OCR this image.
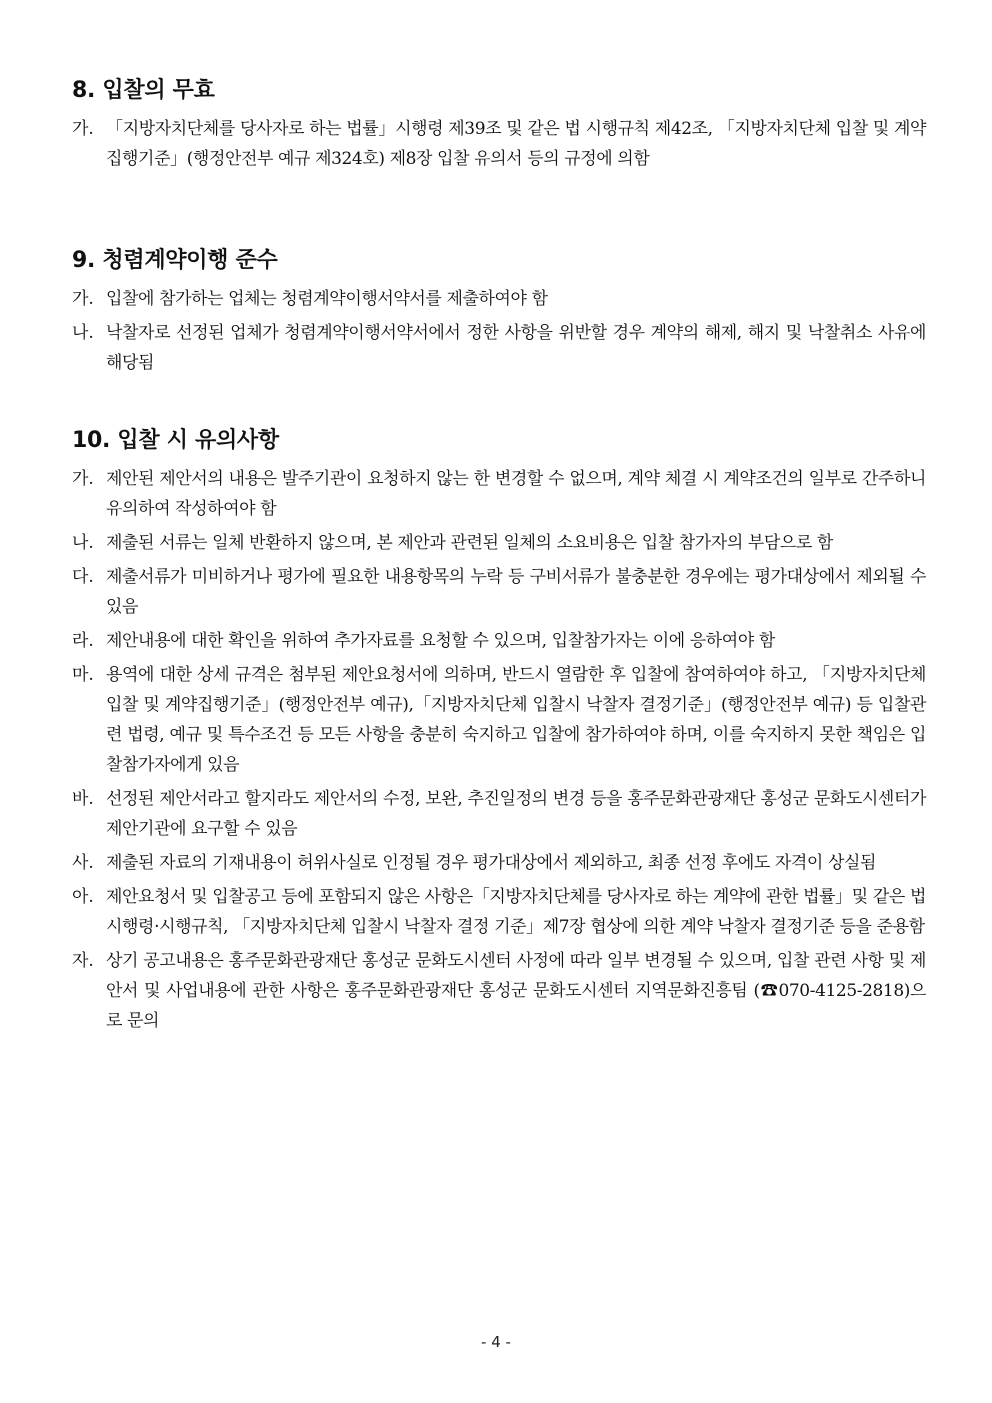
8. 입찰의 무효
가. 「지방자치단체를 당사자로 하는 법률」시행령 제39조 및 같은 법 시행규칙 제42조, 「지방자치단체 입찰 및 계약집행기준」(행정안전부 예규 제324호) 제8장 입찰 유의서 등의 규정에 의함
9. 청렴계약이행 준수
가. 입찰에 참가하는 업체는 청렴계약이행서약서를 제출하여야 함
나. 낙찰자로 선정된 업체가 청렴계약이행서약서에서 정한 사항을 위반할 경우 계약의 해제, 해지 및 낙찰취소 사유에 해당됨
10. 입찰 시 유의사항
가. 제안된 제안서의 내용은 발주기관이 요청하지 않는 한 변경할 수 없으며, 계약 체결 시 계약조건의 일부로 간주하니 유의하여 작성하여야 함
나. 제출된 서류는 일체 반환하지 않으며, 본 제안과 관련된 일체의 소요비용은 입찰 참가자의 부담으로 함
다. 제출서류가 미비하거나 평가에 필요한 내용항목의 누락 등 구비서류가 불충분한 경우에는 평가대상에서 제외될 수 있음
라. 제안내용에 대한 확인을 위하여 추가자료를 요청할 수 있으며, 입찰참가자는 이에 응하여야 함
마. 용역에 대한 상세 규격은 첨부된 제안요청서에 의하며, 반드시 열람한 후 입찰에 참여하여야 하고, 「지방자치단체 입찰 및 계약집행기준」(행정안전부 예규),「지방자치단체 입찰시 낙찰자 결정기준」(행정안전부 예규) 등 입찰관련 법령, 예규 및 특수조건 등 모든 사항을 충분히 숙지하고 입찰에 참가하여야 하며, 이를 숙지하지 못한 책임은 입찰참가자에게 있음
바. 선정된 제안서라고 할지라도 제안서의 수정, 보완, 추진일정의 변경 등을 홍주문화관광재단 홍성군 문화도시센터가 제안기관에 요구할 수 있음
사. 제출된 자료의 기재내용이 허위사실로 인정될 경우 평가대상에서 제외하고, 최종 선정 후에도 자격이 상실됨
아. 제안요청서 및 입찰공고 등에 포함되지 않은 사항은「지방자치단체를 당사자로 하는 계약에 관한 법률」및 같은 법 시행령·시행규칙, 「지방자치단체 입찰시 낙찰자 결정 기준」제7장 협상에 의한 계약 낙찰자 결정기준 등을 준용함
자. 상기 공고내용은 홍주문화관광재단 홍성군 문화도시센터 사정에 따라 일부 변경될 수 있으며, 입찰 관련 사항 및 제안서 및 사업내용에 관한 사항은 홍주문화관광재단 홍성군 문화도시센터 지역문화진흥팀 (☎070-4125-2818)으로 문의
- 4 -
